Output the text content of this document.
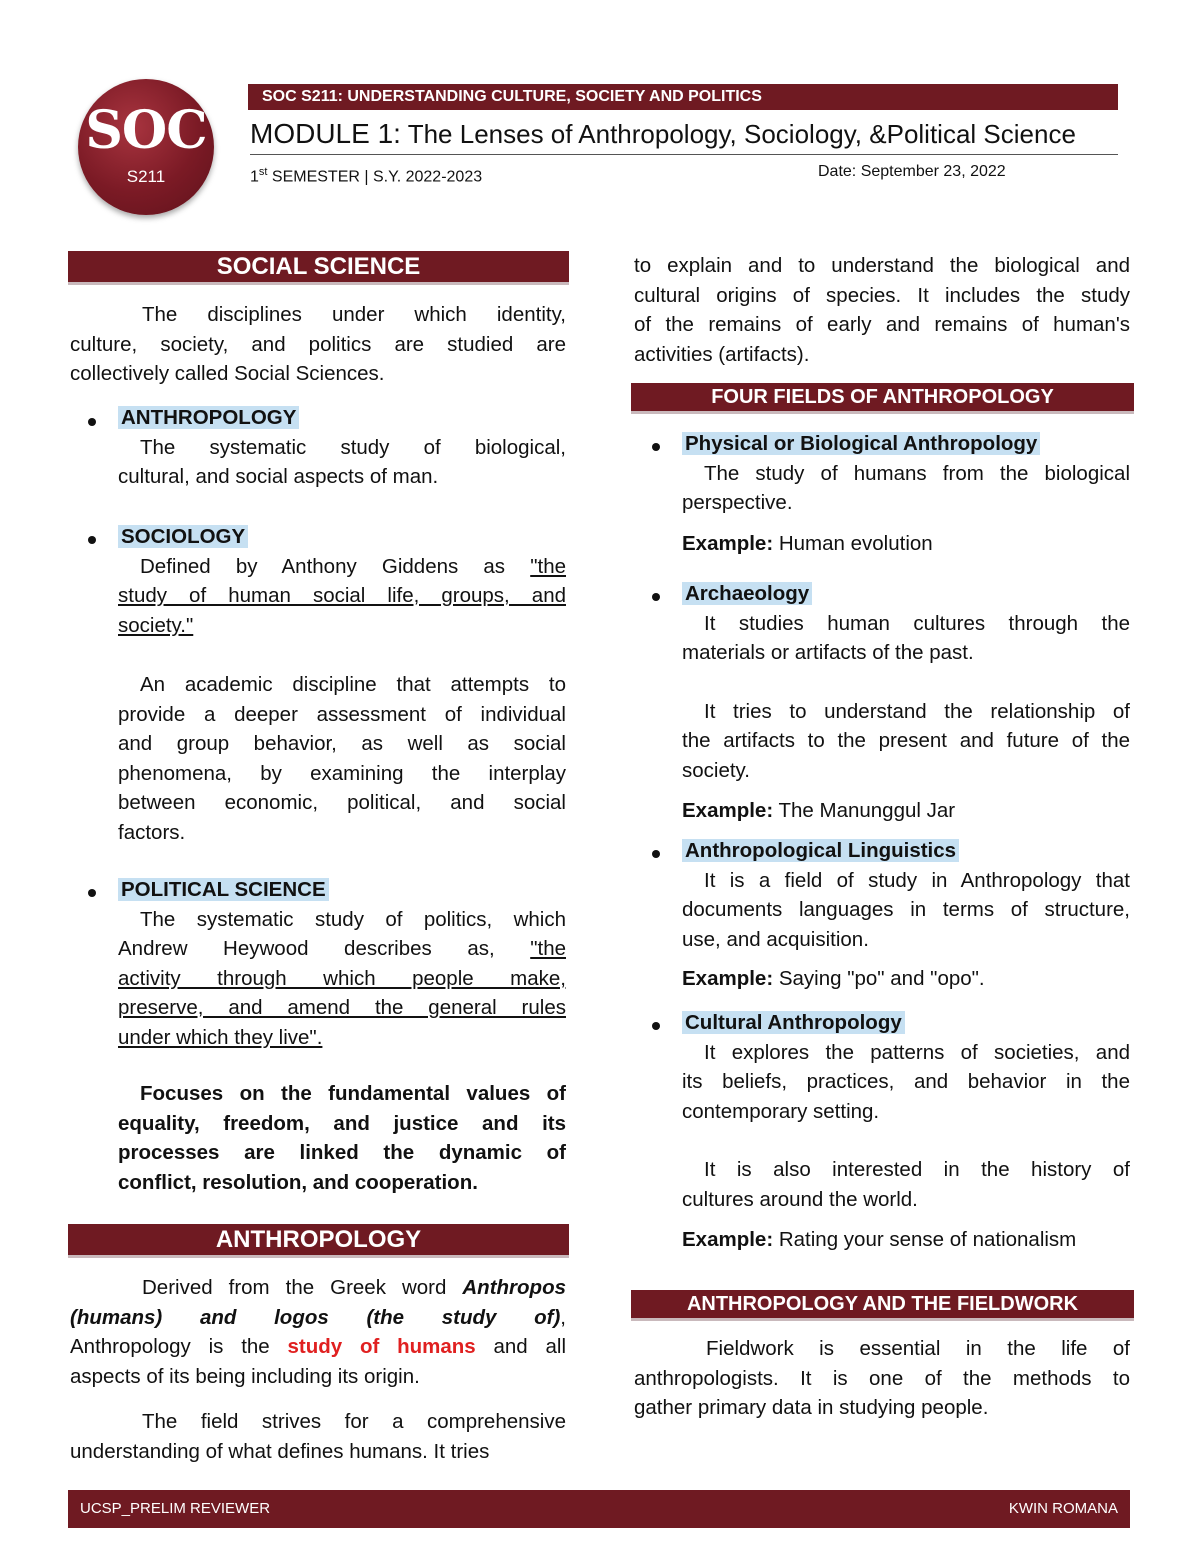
SOC
S211
SOC S211: UNDERSTANDING CULTURE, SOCIETY AND POLITICS
MODULE 1: The Lenses of Anthropology, Sociology, &Political Science
1st SEMESTER | S.Y. 2022-2023	Date: September 23, 2022
SOCIAL SCIENCE

The disciplines under which identity,

culture, society, and politics are studied are

collectively called Social Sciences.

ANTHROPOLOGY

The systematic study of biological,

cultural, and social aspects of man.

SOCIOLOGY

Defined by Anthony Giddens as "the

study of human social life, groups, and

society."

An academic discipline that attempts to

provide a deeper assessment of individual

and group behavior, as well as social

phenomena, by examining the interplay

between economic, political, and social

factors.

POLITICAL SCIENCE

The systematic study of politics, which

Andrew Heywood describes as, "the

activity through which people make,

preserve, and amend the general rules

under which they live".

Focuses on the fundamental values of

equality, freedom, and justice and its

processes are linked the dynamic of

conflict, resolution, and cooperation.

ANTHROPOLOGY

Derived from the Greek word Anthropos

(humans) and logos (the study of),

Anthropology is the study of humans and all

aspects of its being including its origin.

The field strives for a comprehensive

understanding of what defines humans. It tries

to explain and to understand the biological and

cultural origins of species. It includes the study

of the remains of early and remains of human's

activities (artifacts).

FOUR FIELDS OF ANTHROPOLOGY

Physical or Biological Anthropology

The study of humans from the biological

perspective.

Example: Human evolution

Archaeology

It studies human cultures through the

materials or artifacts of the past.

It tries to understand the relationship of

the artifacts to the present and future of the

society.

Example: The Manunggul Jar

Anthropological Linguistics

It is a field of study in Anthropology that

documents languages in terms of structure,

use, and acquisition.

Example: Saying "po" and "opo".

Cultural Anthropology

It explores the patterns of societies, and

its beliefs, practices, and behavior in the

contemporary setting.

It is also interested in the history of

cultures around the world.

Example: Rating your sense of nationalism

ANTHROPOLOGY AND THE FIELDWORK

Fieldwork is essential in the life of

anthropologists. It is one of the methods to

gather primary data in studying people.

UCSP_PRELIM REVIEWER	KWIN ROMANA
